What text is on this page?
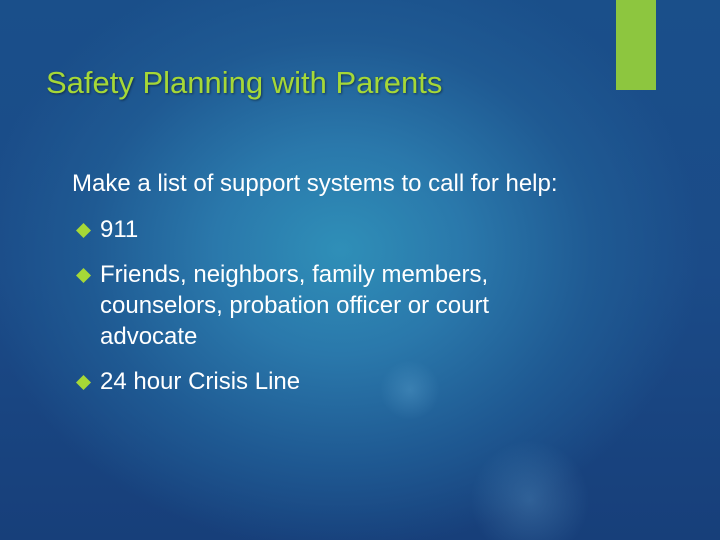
Safety Planning with Parents

Make a list of support systems to call for help:

911
Friends, neighbors, family members, counselors, probation officer or court advocate
24 hour Crisis Line
